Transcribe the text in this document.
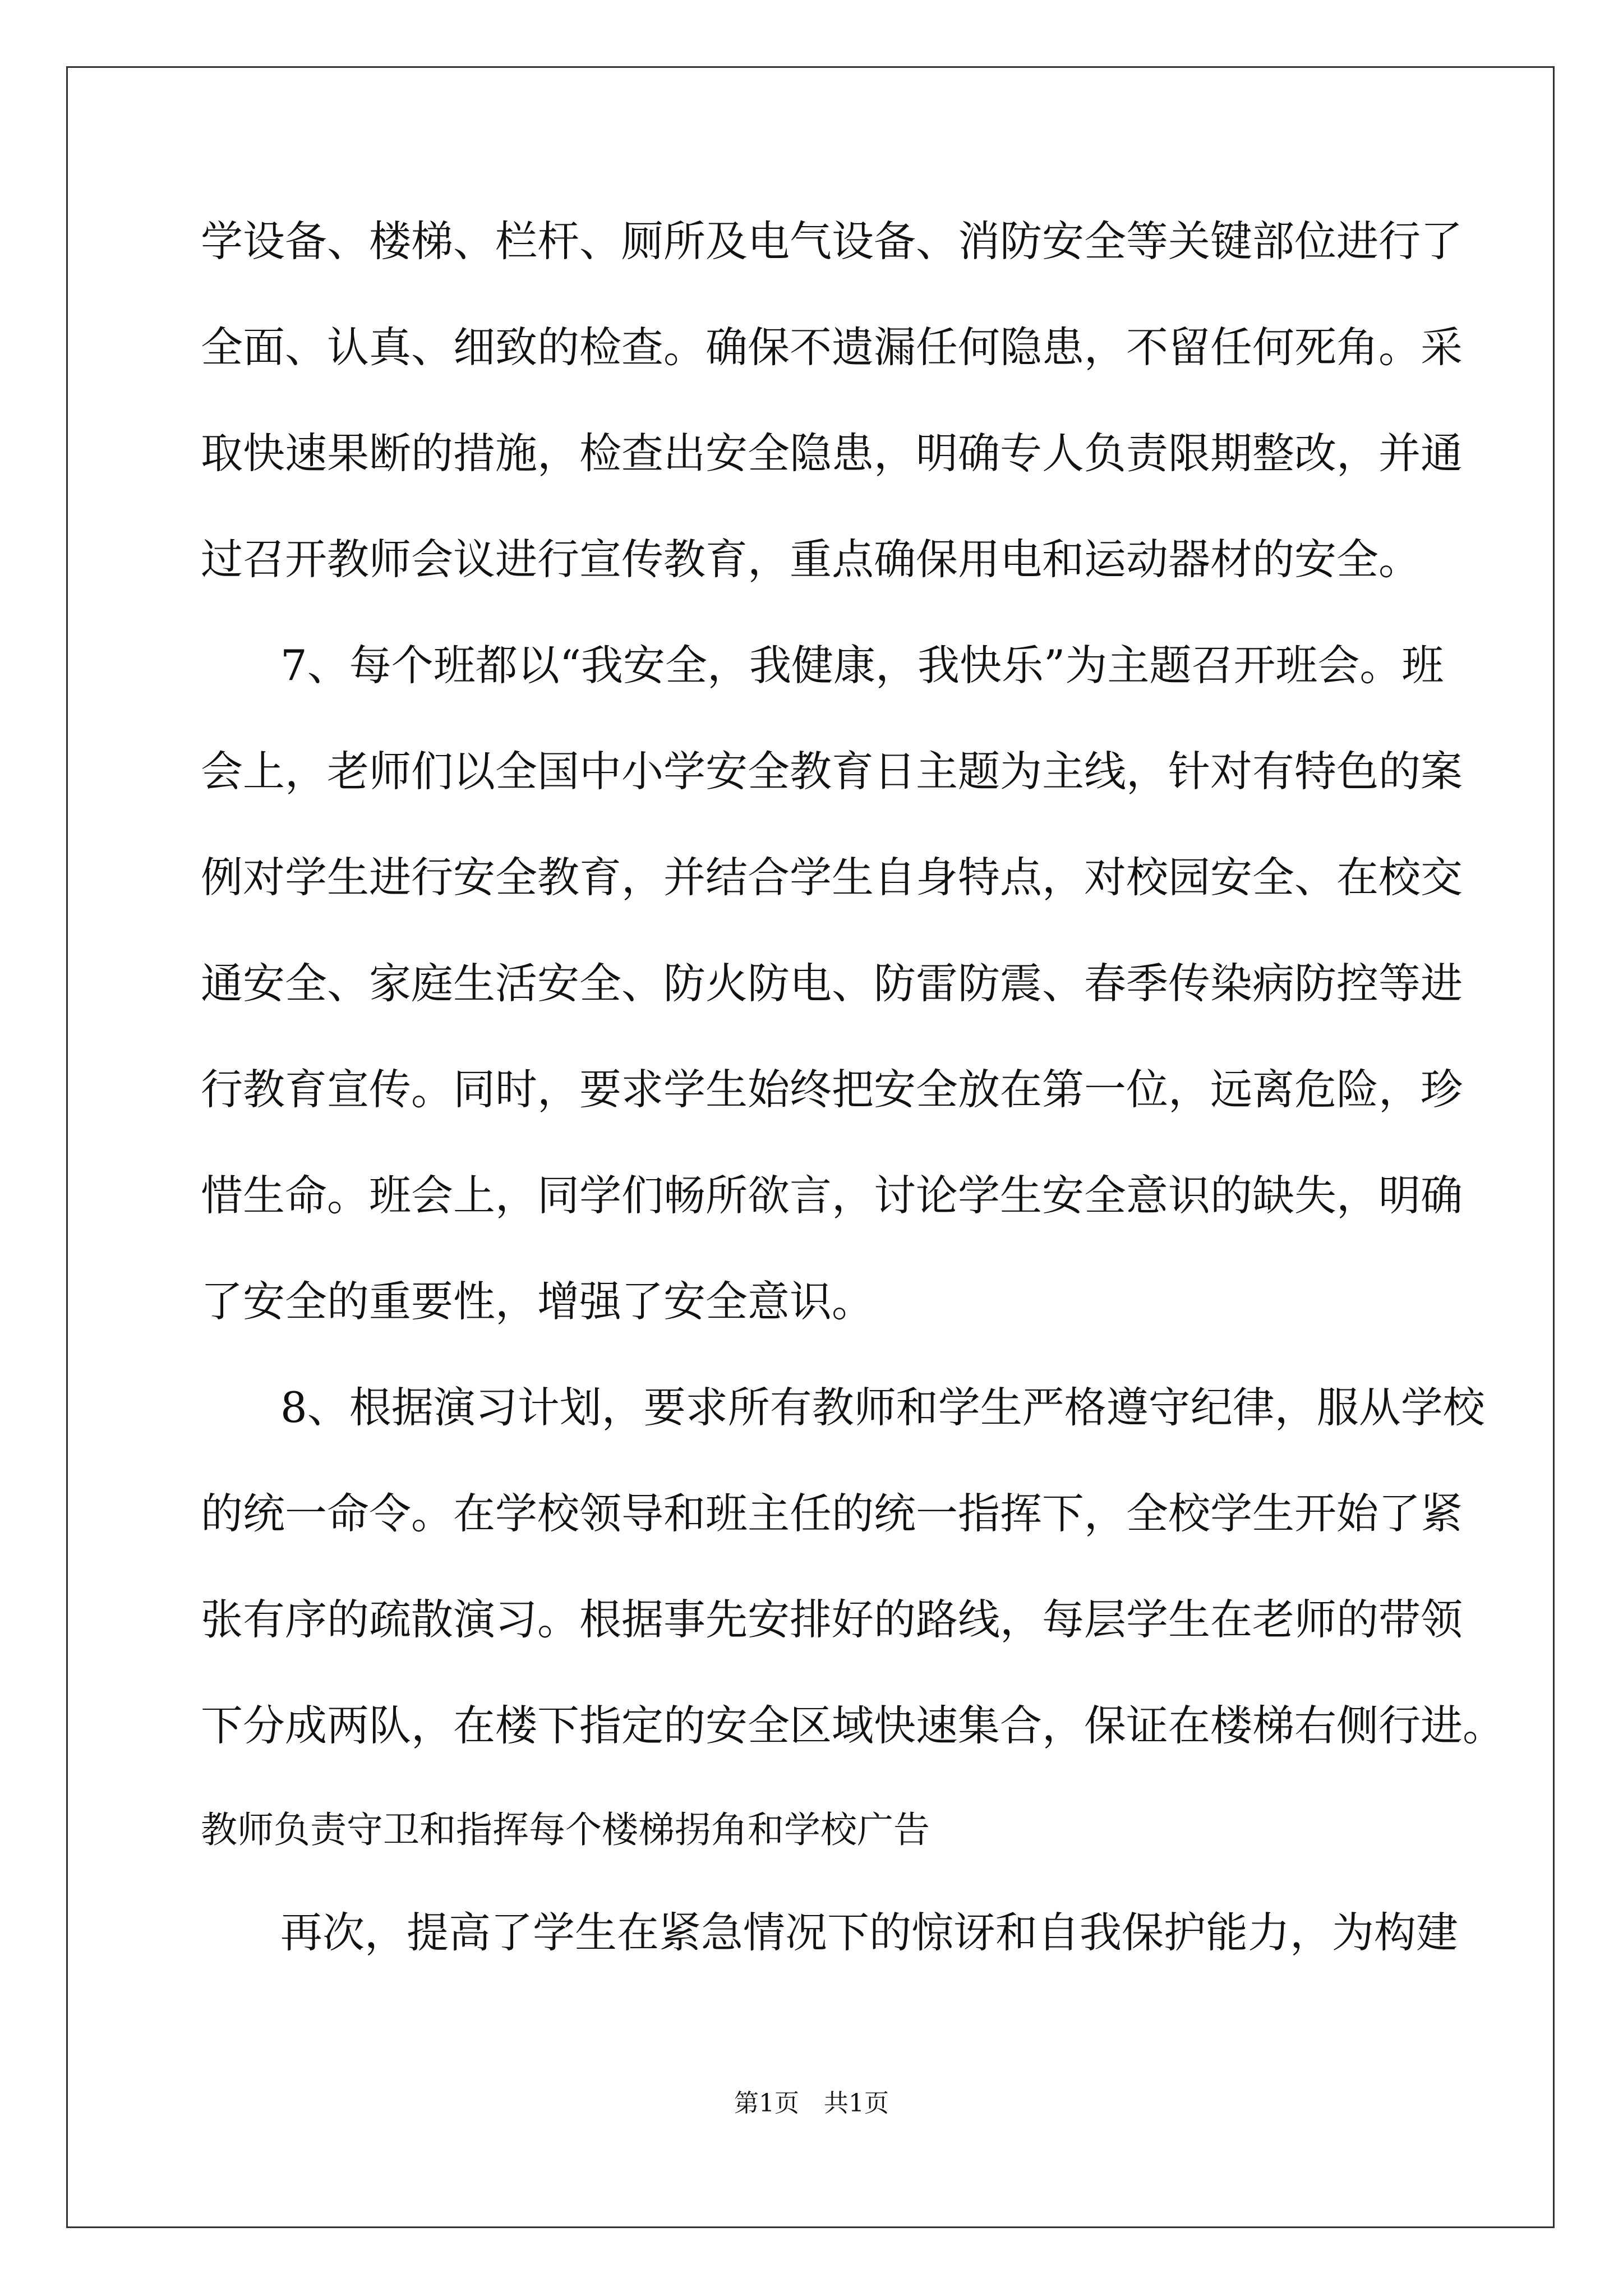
学设备、楼梯、栏杆、厕所及电气设备、消防安全等关键部位进行了

全面、认真、细致的检查。确保不遗漏任何隐患，不留任何死角。采

取快速果断的措施，检查出安全隐患，明确专人负责限期整改，并通

过召开教师会议进行宣传教育，重点确保用电和运动器材的安全。

7、每个班都以“我安全，我健康，我快乐”为主题召开班会。班

会上，老师们以全国中小学安全教育日主题为主线，针对有特色的案

例对学生进行安全教育，并结合学生自身特点，对校园安全、在校交

通安全、家庭生活安全、防火防电、防雷防震、春季传染病防控等进

行教育宣传。同时，要求学生始终把安全放在第一位，远离危险，珍

惜生命。班会上，同学们畅所欲言，讨论学生安全意识的缺失，明确

了安全的重要性，增强了安全意识。

8、根据演习计划，要求所有教师和学生严格遵守纪律，服从学校

的统一命令。在学校领导和班主任的统一指挥下，全校学生开始了紧

张有序的疏散演习。根据事先安排好的路线，每层学生在老师的带领

下分成两队，在楼下指定的安全区域快速集合，保证在楼梯右侧行进。

教师负责守卫和指挥每个楼梯拐角和学校广告

再次，提高了学生在紧急情况下的惊讶和自我保护能力，为构建

第1页 共1页
